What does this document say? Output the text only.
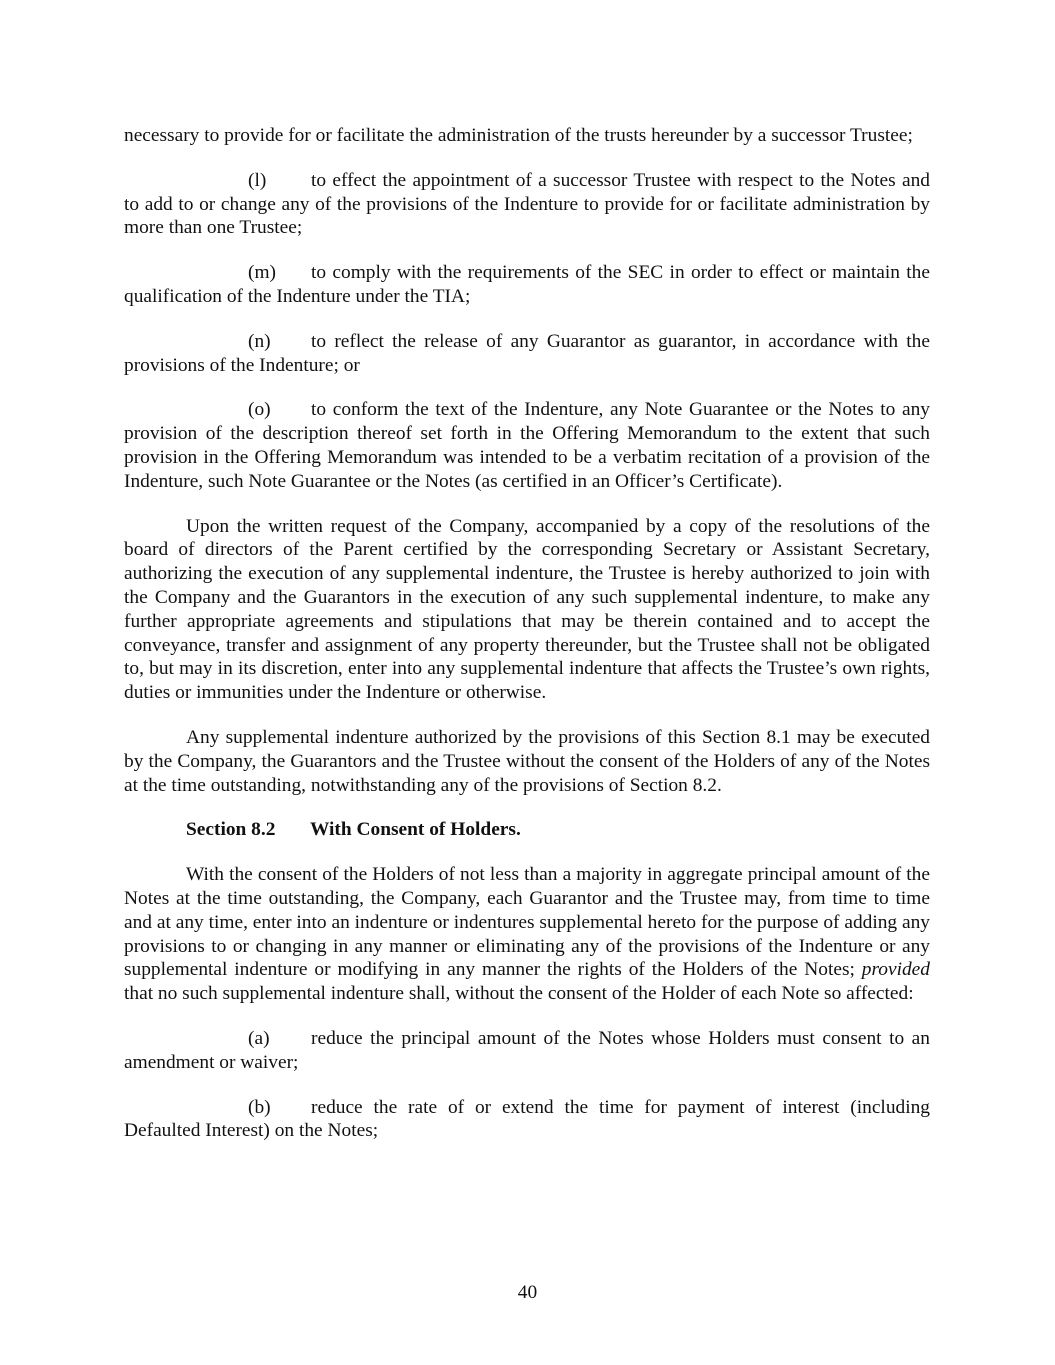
necessary to provide for or facilitate the administration of the trusts hereunder by a successor Trustee;

(l) to effect the appointment of a successor Trustee with respect to the Notes and to add to or change any of the provisions of the Indenture to provide for or facilitate administration by more than one Trustee;

(m) to comply with the requirements of the SEC in order to effect or maintain the qualification of the Indenture under the TIA;

(n) to reflect the release of any Guarantor as guarantor, in accordance with the provisions of the Indenture; or

(o) to conform the text of the Indenture, any Note Guarantee or the Notes to any provision of the description thereof set forth in the Offering Memorandum to the extent that such provision in the Offering Memorandum was intended to be a verbatim recitation of a provision of the Indenture, such Note Guarantee or the Notes (as certified in an Officer’s Certificate).

Upon the written request of the Company, accompanied by a copy of the resolutions of the board of directors of the Parent certified by the corresponding Secretary or Assistant Secretary, authorizing the execution of any supplemental indenture, the Trustee is hereby authorized to join with the Company and the Guarantors in the execution of any such supplemental indenture, to make any further appropriate agreements and stipulations that may be therein contained and to accept the conveyance, transfer and assignment of any property thereunder, but the Trustee shall not be obligated to, but may in its discretion, enter into any supplemental indenture that affects the Trustee’s own rights, duties or immunities under the Indenture or otherwise.

Any supplemental indenture authorized by the provisions of this Section 8.1 may be executed by the Company, the Guarantors and the Trustee without the consent of the Holders of any of the Notes at the time outstanding, notwithstanding any of the provisions of Section 8.2.

Section 8.2 With Consent of Holders.

With the consent of the Holders of not less than a majority in aggregate principal amount of the Notes at the time outstanding, the Company, each Guarantor and the Trustee may, from time to time and at any time, enter into an indenture or indentures supplemental hereto for the purpose of adding any provisions to or changing in any manner or eliminating any of the provisions of the Indenture or any supplemental indenture or modifying in any manner the rights of the Holders of the Notes; provided that no such supplemental indenture shall, without the consent of the Holder of each Note so affected:

(a) reduce the principal amount of the Notes whose Holders must consent to an amendment or waiver;

(b) reduce the rate of or extend the time for payment of interest (including Defaulted Interest) on the Notes;

40
